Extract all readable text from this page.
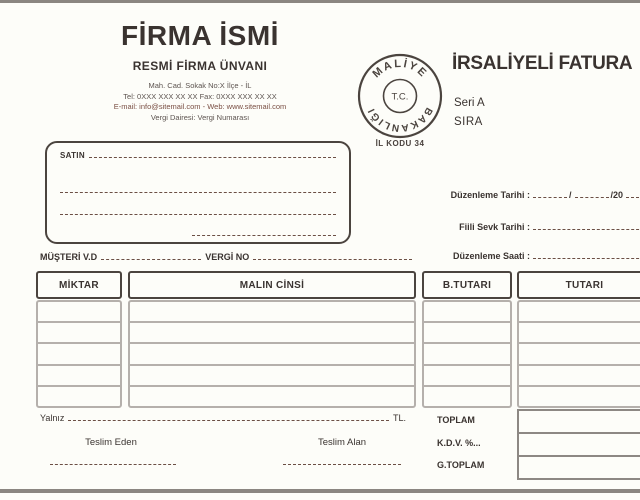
FİRMA İSMİ
RESMİ FİRMA ÜNVANI
Mah. Cad. Sokak No:X İlçe - İL
Tel: 0XXX XXX XX XX Fax: 0XXX XXX XX XX
E-mail: info@sitemail.com - Web: www.sitemail.com
Vergi Dairesi: Vergi Numarası
MALİYE
BAKANLIĞI
T.C.
İL KODU 34
İRSALİYELİ FATURA
Seri A
SIRA
SATIN
Düzenleme Tarihi :	/	/20
Fiili Sevk Tarihi :
Düzenleme Saati :
MÜŞTERİ V.D	VERGİ NO
MİKTAR	MALIN CİNSİ	B.TUTARI	TUTARI
Yalnız	TL.	TOPLAM
K.D.V. %...
G.TOPLAM
Teslim Eden	Teslim Alan
